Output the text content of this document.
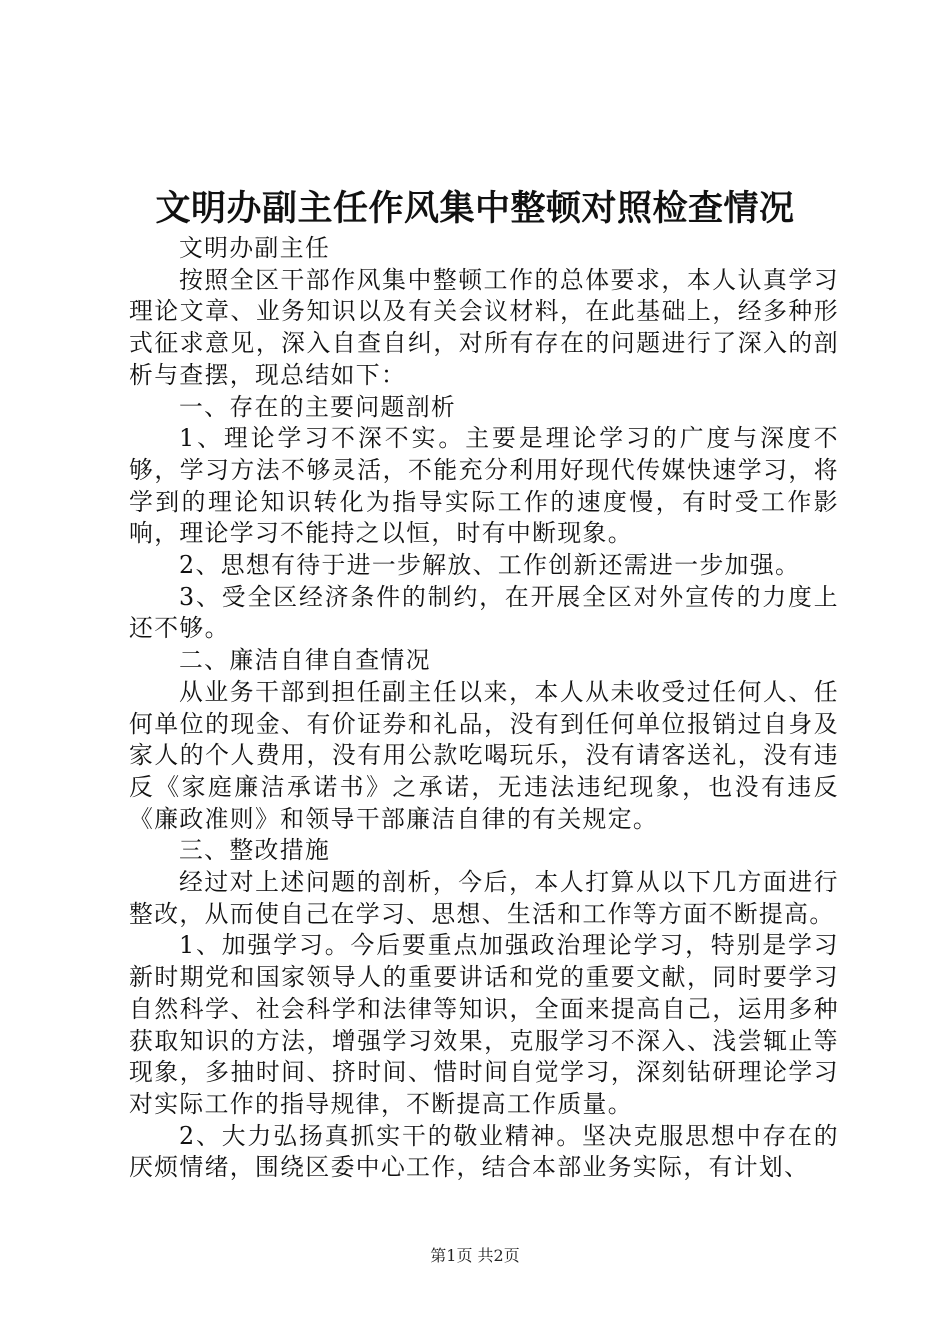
文明办副主任作风集中整顿对照检查情况

文明办副主任

按照全区干部作风集中整顿工作的总体要求，本人认真学习理论文章、业务知识以及有关会议材料，在此基础上，经多种形式征求意见，深入自查自纠，对所有存在的问题进行了深入的剖析与查摆，现总结如下：

一、存在的主要问题剖析

1、理论学习不深不实。主要是理论学习的广度与深度不够，学习方法不够灵活，不能充分利用好现代传媒快速学习，将学到的理论知识转化为指导实际工作的速度慢，有时受工作影响，理论学习不能持之以恒，时有中断现象。

2、思想有待于进一步解放、工作创新还需进一步加强。

3、受全区经济条件的制约，在开展全区对外宣传的力度上还不够。

二、廉洁自律自查情况

从业务干部到担任副主任以来，本人从未收受过任何人、任何单位的现金、有价证券和礼品，没有到任何单位报销过自身及家人的个人费用，没有用公款吃喝玩乐，没有请客送礼，没有违反《家庭廉洁承诺书》之承诺，无违法违纪现象，也没有违反《廉政准则》和领导干部廉洁自律的有关规定。

三、整改措施

经过对上述问题的剖析，今后，本人打算从以下几方面进行整改，从而使自己在学习、思想、生活和工作等方面不断提高。

1、加强学习。今后要重点加强政治理论学习，特别是学习新时期党和国家领导人的重要讲话和党的重要文献，同时要学习自然科学、社会科学和法律等知识，全面来提高自己，运用多种获取知识的方法，增强学习效果，克服学习不深入、浅尝辄止等现象，多抽时间、挤时间、惜时间自觉学习，深刻钻研理论学习对实际工作的指导规律，不断提高工作质量。

2、大力弘扬真抓实干的敬业精神。坚决克服思想中存在的厌烦情绪，围绕区委中心工作，结合本部业务实际，有计划、

第1页 共2页
